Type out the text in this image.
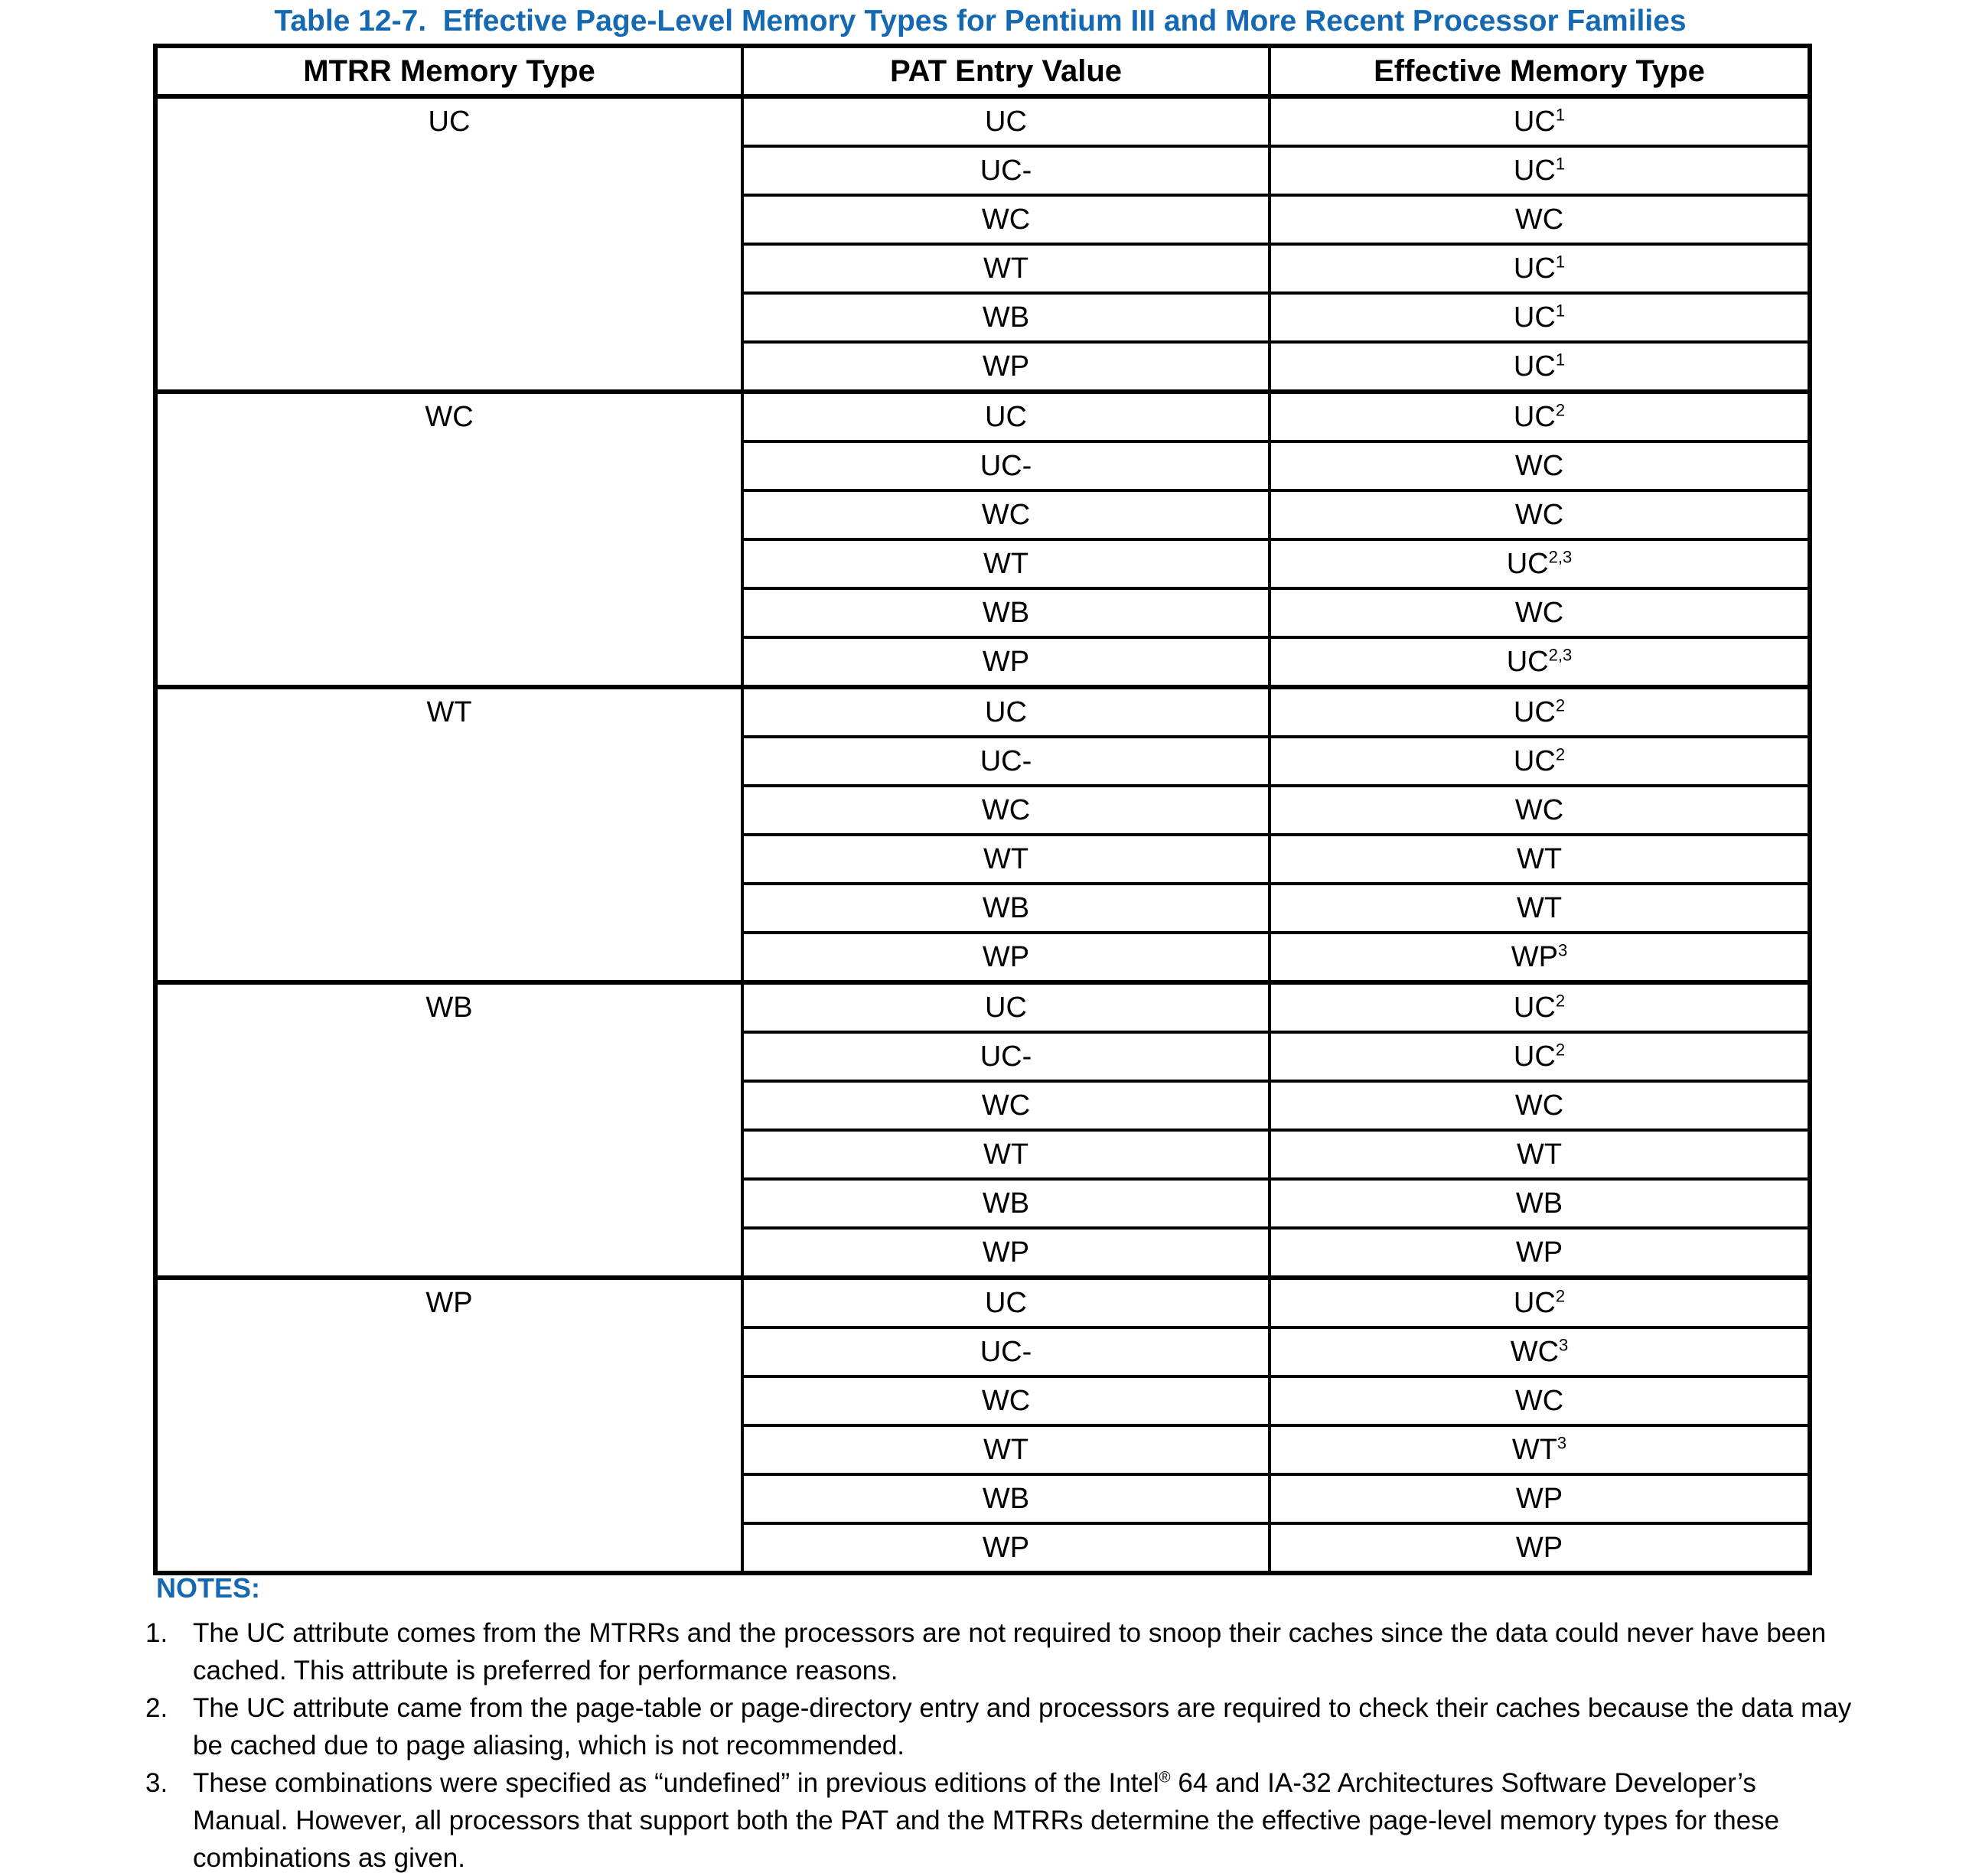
Table 12-7.  Effective Page-Level Memory Types for Pentium III and More Recent Processor Families
MTRR Memory Type	PAT Entry Value	Effective Memory Type
UC	UC	UC$^1$
	UC-	UC$^1$
	WC	WC
	WT	UC$^1$
	WB	UC$^1$
	WP	UC$^1$
WC	UC	UC$^2$
	UC-	WC
	WC	WC
	WT	UC$^{2,3}$
	WB	WC
	WP	UC$^{2,3}$
WT	UC	UC$^2$
	UC-	UC$^2$
	WC	WC
	WT	WT
	WB	WT
	WP	WP$^3$
WB	UC	UC$^2$
	UC-	UC$^2$
	WC	WC
	WT	WT
	WB	WB
	WP	WP
WP	UC	UC$^2$
	UC-	WC$^3$
	WC	WC
	WT	WT$^3$
	WB	WP
	WP	WP
NOTES:
1. The UC attribute comes from the MTRRs and the processors are not required to snoop their caches since the data could never have been cached. This attribute is preferred for performance reasons.
2. The UC attribute came from the page-table or page-directory entry and processors are required to check their caches because the data may be cached due to page aliasing, which is not recommended.
3. These combinations were specified as “undefined” in previous editions of the Intel® 64 and IA-32 Architectures Software Developer’s Manual. However, all processors that support both the PAT and the MTRRs determine the effective page-level memory types for these combinations as given.
